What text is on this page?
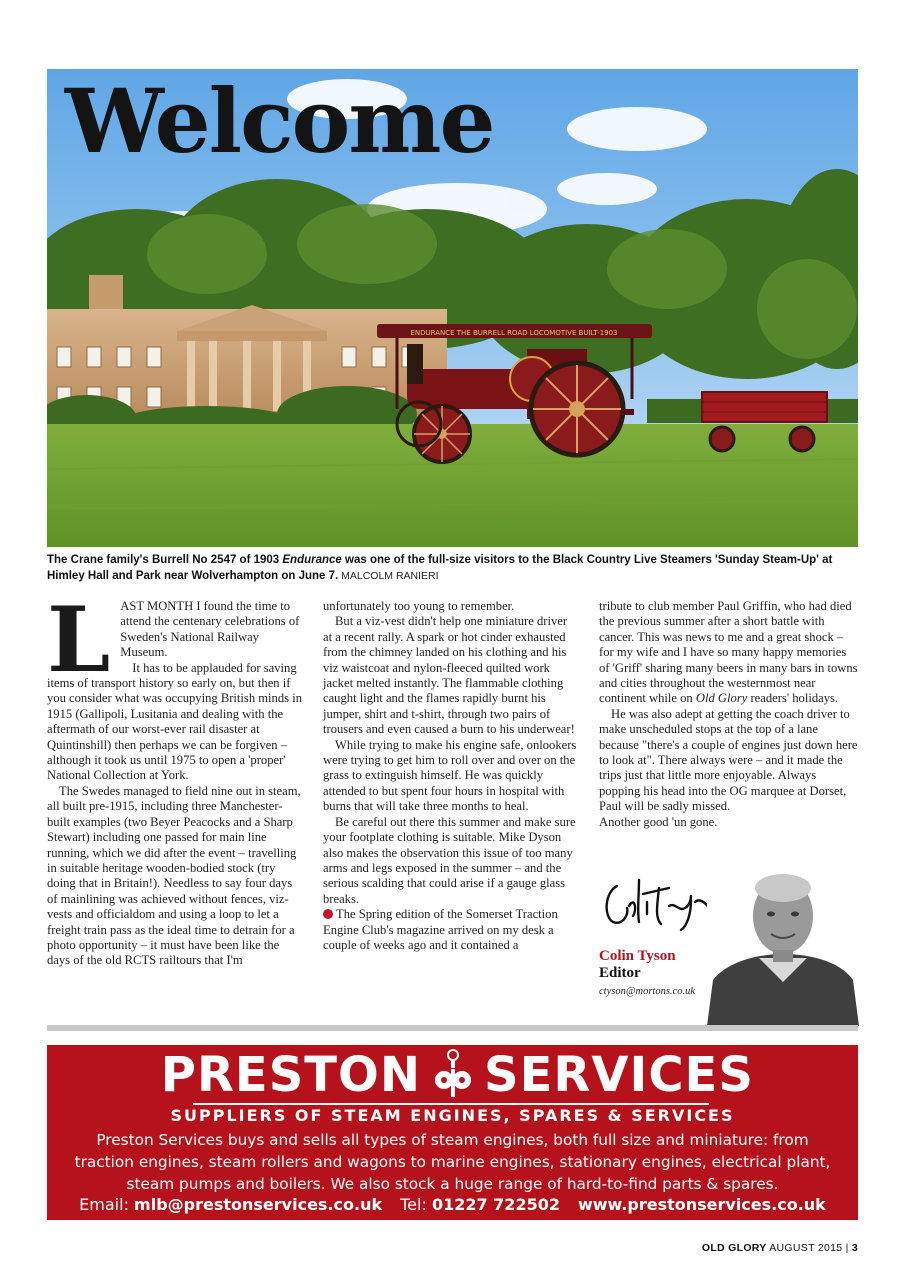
ENDURANCE THE BURRELL ROAD LOCOMOTIVE BUILT-1903
Welcome
The Crane family's Burrell No 2547 of 1903 Endurance was one of the full-size visitors to the Black Country Live Steamers 'Sunday Steam-Up' at Himley Hall and Park near Wolverhampton on June 7. MALCOLM RANIERI
L AST MONTH I found the time to attend the centenary celebrations of Sweden's National Railway Museum.

It has to be applauded for saving items of transport history so early on, but then if you consider what was occupying British minds in 1915 (Gallipoli, Lusitania and dealing with the aftermath of our worst-ever rail disaster at Quintinshill) then perhaps we can be forgiven – although it took us until 1975 to open a 'proper' National Collection at York.

The Swedes managed to field nine out in steam, all built pre-1915, including three Manchester-built examples (two Beyer Peacocks and a Sharp Stewart) including one passed for main line running, which we did after the event – travelling in suitable heritage wooden-bodied stock (try doing that in Britain!). Needless to say four days of mainlining was achieved without fences, viz-vests and officialdom and using a loop to let a freight train pass as the ideal time to detrain for a photo opportunity – it must have been like the days of the old RCTS railtours that I'm

unfortunately too young to remember.

But a viz-vest didn't help one miniature driver at a recent rally. A spark or hot cinder exhausted from the chimney landed on his clothing and his viz waistcoat and nylon-fleeced quilted work jacket melted instantly. The flammable clothing caught light and the flames rapidly burnt his jumper, shirt and t-shirt, through two pairs of trousers and even caused a burn to his underwear!

While trying to make his engine safe, onlookers were trying to get him to roll over and over on the grass to extinguish himself. He was quickly attended to but spent four hours in hospital with burns that will take three months to heal.

Be careful out there this summer and make sure your footplate clothing is suitable. Mike Dyson also makes the observation this issue of too many arms and legs exposed in the summer – and the serious scalding that could arise if a gauge glass breaks.

The Spring edition of the Somerset Traction Engine Club's magazine arrived on my desk a couple of weeks ago and it contained a

tribute to club member Paul Griffin, who had died the previous summer after a short battle with cancer. This was news to me and a great shock – for my wife and I have so many happy memories of 'Griff' sharing many beers in many bars in towns and cities throughout the westernmost near continent while on Old Glory readers' holidays.

He was also adept at getting the coach driver to make unscheduled stops at the top of a lane because "there's a couple of engines just down here to look at". There always were – and it made the trips just that little more enjoyable. Always popping his head into the OG marquee at Dorset, Paul will be sadly missed.

Another good 'un gone.

Colin Tyson
Editor
ctyson@mortons.co.uk
PRESTON SERVICES
SUPPLIERS OF STEAM ENGINES, SPARES & SERVICES
Preston Services buys and sells all types of steam engines, both full size and miniature: from traction engines, steam rollers and wagons to marine engines, stationary engines, electrical plant, steam pumps and boilers. We also stock a huge range of hard-to-find parts & spares.
Email: mlb@prestonservices.co.uk Tel: 01227 722502 www.prestonservices.co.uk
OLD GLORY AUGUST 2015 | 3
